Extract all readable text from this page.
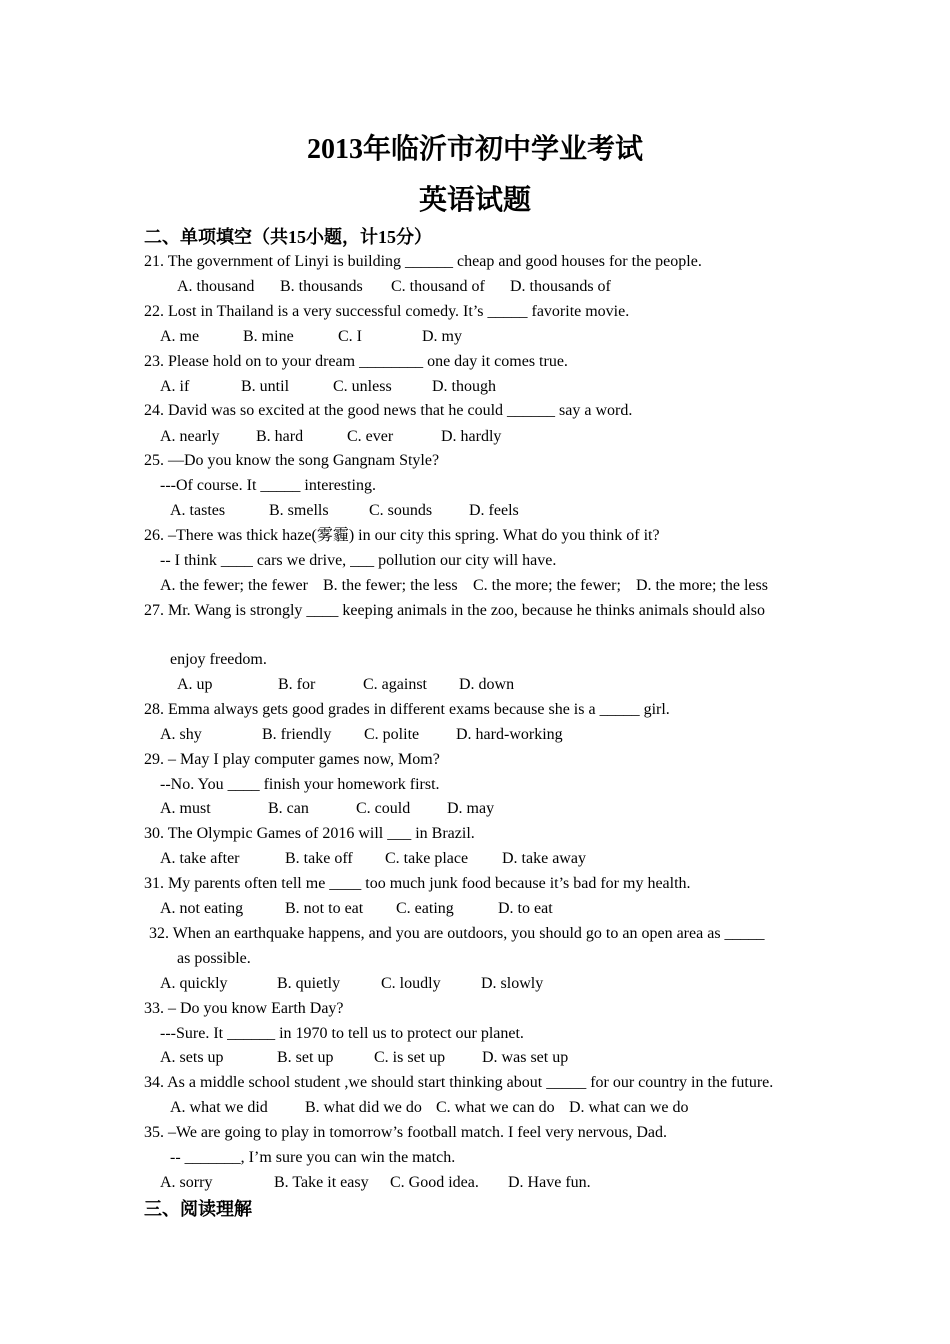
2013年临沂市初中学业考试
英语试题
二、单项填空（共15小题，计15分）
21. The government of Linyi is building ______ cheap and good houses for the people.
A. thousand B. thousands C. thousand of D. thousands of
22. Lost in Thailand is a very successful comedy. It’s _____ favorite movie.
A. me	B. mine	C. I	D. my
23. Please hold on to your dream ________ one day it comes true.
A. if	B. until	C. unless	D. though
24. David was so excited at the good news that he could ______ say a word.
A. nearly B. hard	C. ever	D. hardly
25. —Do you know the song Gangnam Style?
---Of course. It _____ interesting.
A. tastes	B. smells	C. sounds D. feels
26. –There was thick haze(雾霾) in our city this spring. What do you think of it?
-- I think ____ cars we drive, ___ pollution our city will have.
A. the fewer; the fewer B. the fewer; the less C. the more; the fewer; D. the more; the less
27. Mr. Wang is strongly ____ keeping animals in the zoo, because he thinks animals should also
enjoy freedom.
A. up	B. for	C. against D. down
28. Emma always gets good grades in different exams because she is a _____ girl.
A. shy	B. friendly C. polite D. hard-working
29. – May I play computer games now, Mom?
--No. You ____ finish your homework first.
A. must	B. can	C. could D. may
30. The Olympic Games of 2016 will ___ in Brazil.
A. take after	B. take off C. take place D. take away
31. My parents often tell me ____ too much junk food because it’s bad for my health.
A. not eating	B. not to eat C. eating	D. to eat
32. When an earthquake happens, and you are outdoors, you should go to an open area as _____
as possible.
A. quickly	B. quietly	C. loudly	D. slowly
33. – Do you know Earth Day?
---Sure. It ______ in 1970 to tell us to protect our planet.
A. sets up	B. set up	C. is set up D. was set up
34. As a middle school student ,we should start thinking about _____ for our country in the future.
A. what we did B. what did we do C. what we can do D. what can we do
35. –We are going to play in tomorrow’s football match. I feel very nervous, Dad.
-- _______, I’m sure you can win the match.
A. sorry	B. Take it easy C. Good idea. D. Have fun.
三、阅读理解
